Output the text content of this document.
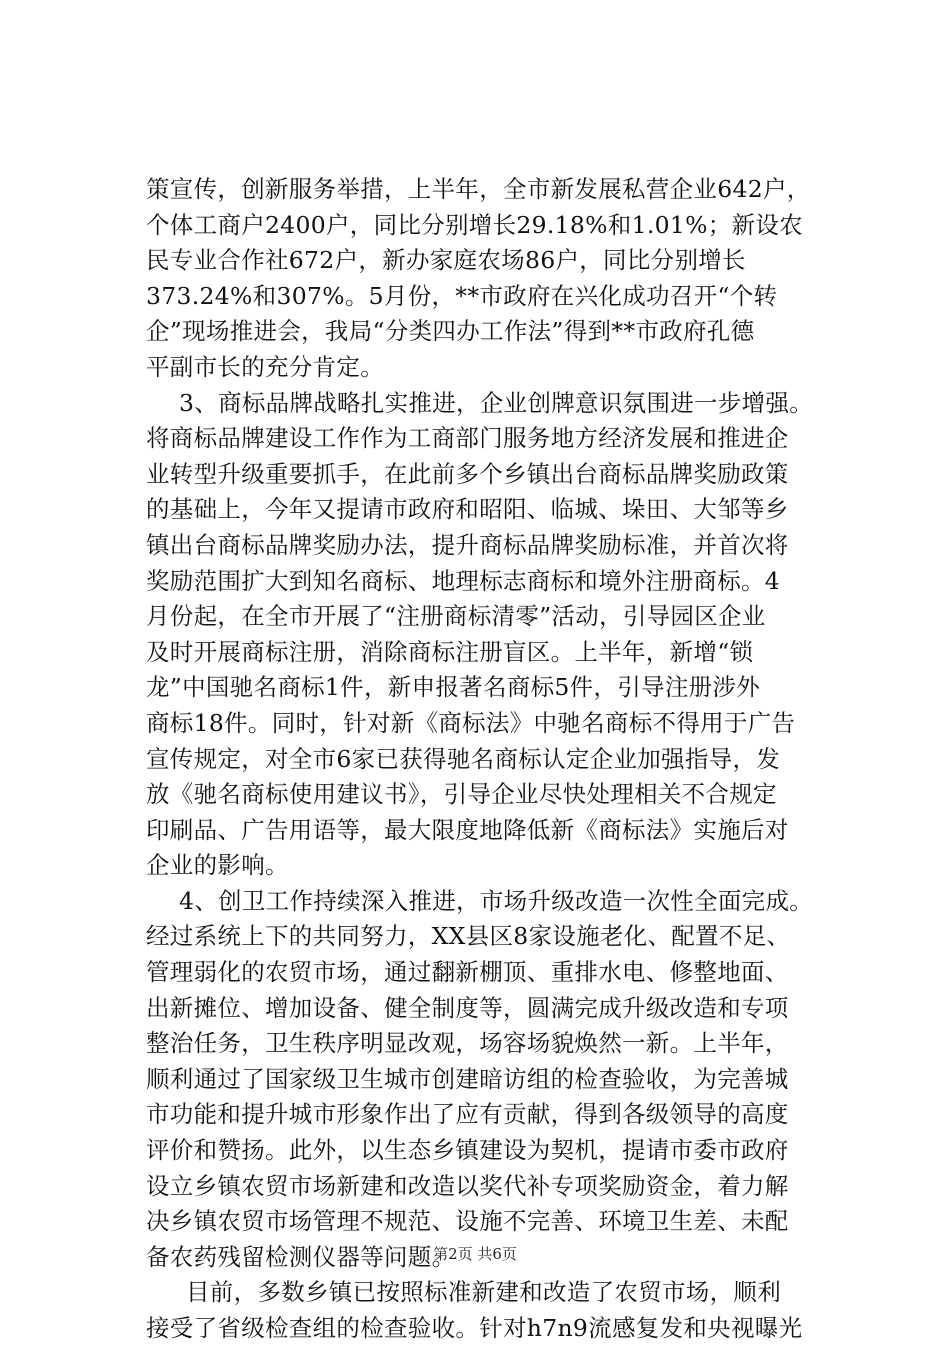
策宣传，创新服务举措，上半年，全市新发展私营企业642户，
个体工商户2400户，同比分别增长29.18%和1.01%；新设农
民专业合作社672户，新办家庭农场86户，同比分别增长
373.24%和307%。5月份，**市政府在兴化成功召开“个转
企”现场推进会，我局“分类四办工作法”得到**市政府孔德
平副市长的充分肯定。
3、商标品牌战略扎实推进，企业创牌意识氛围进一步增强。
将商标品牌建设工作作为工商部门服务地方经济发展和推进企
业转型升级重要抓手，在此前多个乡镇出台商标品牌奖励政策
的基础上，今年又提请市政府和昭阳、临城、垛田、大邹等乡
镇出台商标品牌奖励办法，提升商标品牌奖励标准，并首次将
奖励范围扩大到知名商标、地理标志商标和境外注册商标。4
月份起，在全市开展了“注册商标清零”活动，引导园区企业
及时开展商标注册，消除商标注册盲区。上半年，新增“锁
龙”中国驰名商标1件，新申报著名商标5件，引导注册涉外
商标18件。同时，针对新《商标法》中驰名商标不得用于广告
宣传规定，对全市6家已获得驰名商标认定企业加强指导，发
放《驰名商标使用建议书》，引导企业尽快处理相关不合规定
印刷品、广告用语等，最大限度地降低新《商标法》实施后对
企业的影响。
4、创卫工作持续深入推进，市场升级改造一次性全面完成。
经过系统上下的共同努力，XX县区8家设施老化、配置不足、
管理弱化的农贸市场，通过翻新棚顶、重排水电、修整地面、
出新摊位、增加设备、健全制度等，圆满完成升级改造和专项
整治任务，卫生秩序明显改观，场容场貌焕然一新。上半年，
顺利通过了国家级卫生城市创建暗访组的检查验收，为完善城
市功能和提升城市形象作出了应有贡献，得到各级领导的高度
评价和赞扬。此外，以生态乡镇建设为契机，提请市委市政府
设立乡镇农贸市场新建和改造以奖代补专项奖励资金，着力解
决乡镇农贸市场管理不规范、设施不完善、环境卫生差、未配
备农药残留检测仪器等问题。
目前，多数乡镇已按照标准新建和改造了农贸市场，顺利
接受了省级检查组的检查验收。针对h7n9流感复发和央视曝光
第2页 共6页
